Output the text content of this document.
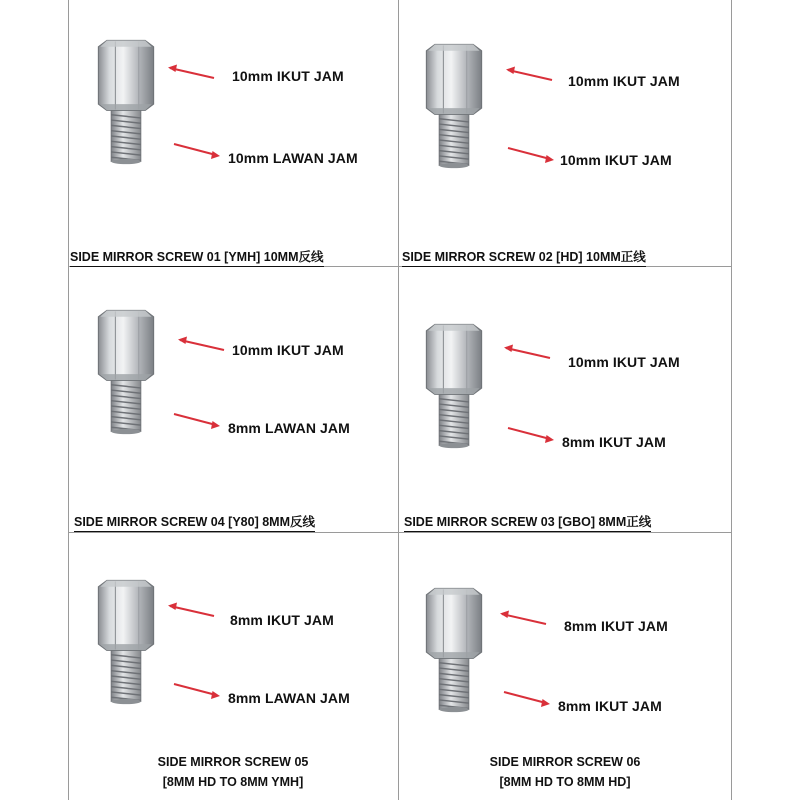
10mm IKUT JAM
10mm LAWAN JAM
SIDE MIRROR SCREW 01 [YMH] 10MM反线
10mm IKUT JAM
10mm IKUT JAM
SIDE MIRROR SCREW 02 [HD] 10MM正线
10mm IKUT JAM
8mm LAWAN JAM
SIDE MIRROR SCREW 04 [Y80] 8MM反线
10mm IKUT JAM
8mm IKUT JAM
SIDE MIRROR SCREW 03 [GBO] 8MM正线
8mm IKUT JAM
8mm LAWAN JAM
SIDE MIRROR SCREW 05
[8MM HD TO 8MM YMH]
8mm IKUT JAM
8mm IKUT JAM
SIDE MIRROR SCREW 06
[8MM HD TO 8MM HD]
